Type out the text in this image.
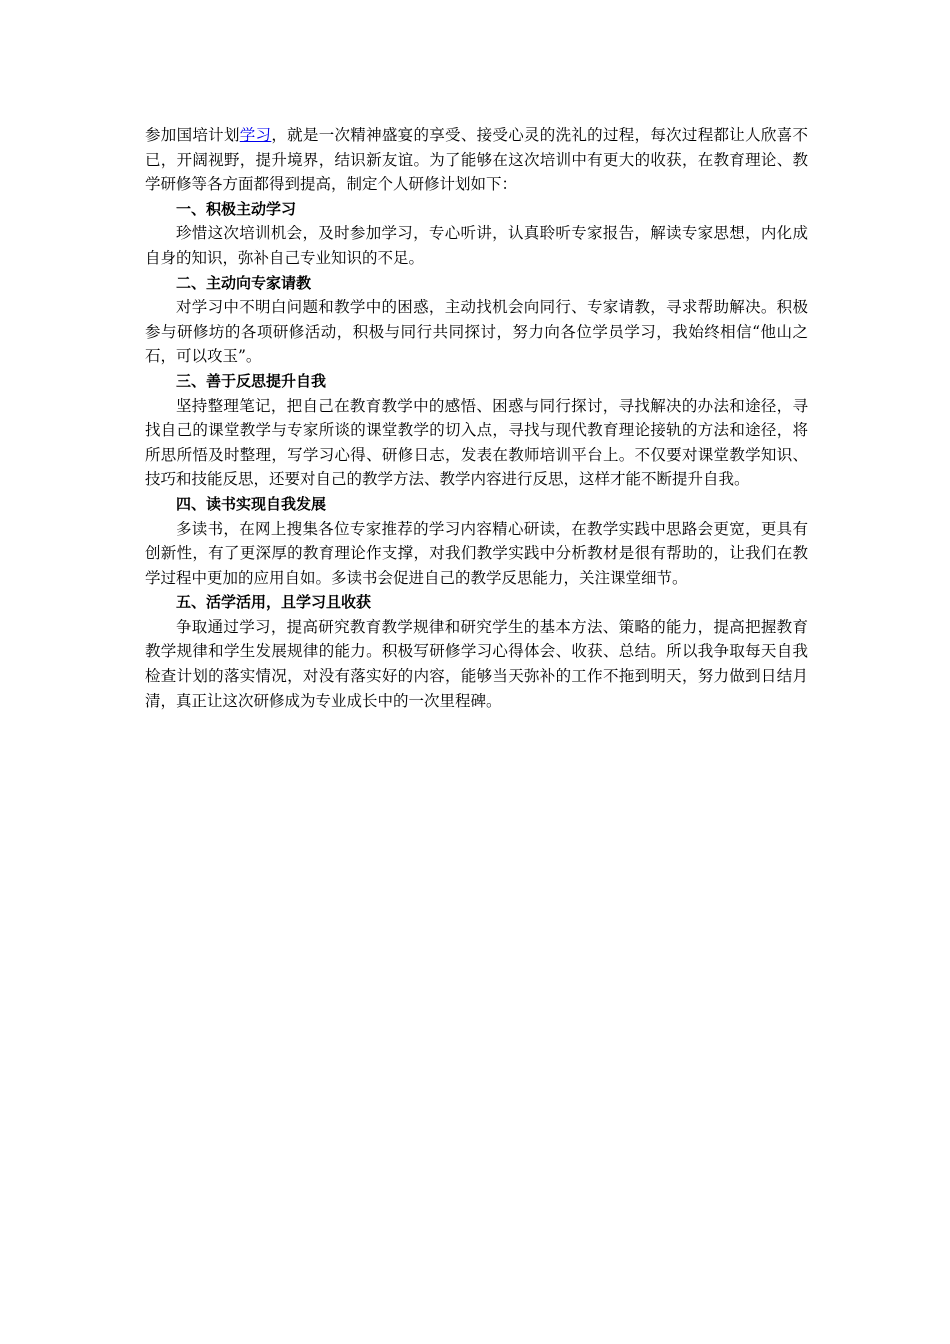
参加国培计划学习，就是一次精神盛宴的享受、接受心灵的洗礼的过程，每次过程都让人欣喜不已，开阔视野，提升境界，结识新友谊。为了能够在这次培训中有更大的收获，在教育理论、教学研修等各方面都得到提高，制定个人研修计划如下：

一、积极主动学习

珍惜这次培训机会，及时参加学习，专心听讲，认真聆听专家报告，解读专家思想，内化成自身的知识，弥补自己专业知识的不足。

二、主动向专家请教

对学习中不明白问题和教学中的困惑，主动找机会向同行、专家请教，寻求帮助解决。积极参与研修坊的各项研修活动，积极与同行共同探讨，努力向各位学员学习，我始终相信“他山之石，可以攻玉”。

三、善于反思提升自我

坚持整理笔记，把自己在教育教学中的感悟、困惑与同行探讨，寻找解决的办法和途径，寻找自己的课堂教学与专家所谈的课堂教学的切入点，寻找与现代教育理论接轨的方法和途径，将所思所悟及时整理，写学习心得、研修日志，发表在教师培训平台上。不仅要对课堂教学知识、技巧和技能反思，还要对自己的教学方法、教学内容进行反思，这样才能不断提升自我。

四、读书实现自我发展

多读书，在网上搜集各位专家推荐的学习内容精心研读，在教学实践中思路会更宽，更具有创新性，有了更深厚的教育理论作支撑，对我们教学实践中分析教材是很有帮助的，让我们在教学过程中更加的应用自如。多读书会促进自己的教学反思能力，关注课堂细节。

五、活学活用，且学习且收获

争取通过学习，提高研究教育教学规律和研究学生的基本方法、策略的能力，提高把握教育教学规律和学生发展规律的能力。积极写研修学习心得体会、收获、总结。所以我争取每天自我检查计划的落实情况，对没有落实好的内容，能够当天弥补的工作不拖到明天，努力做到日结月清，真正让这次研修成为专业成长中的一次里程碑。
